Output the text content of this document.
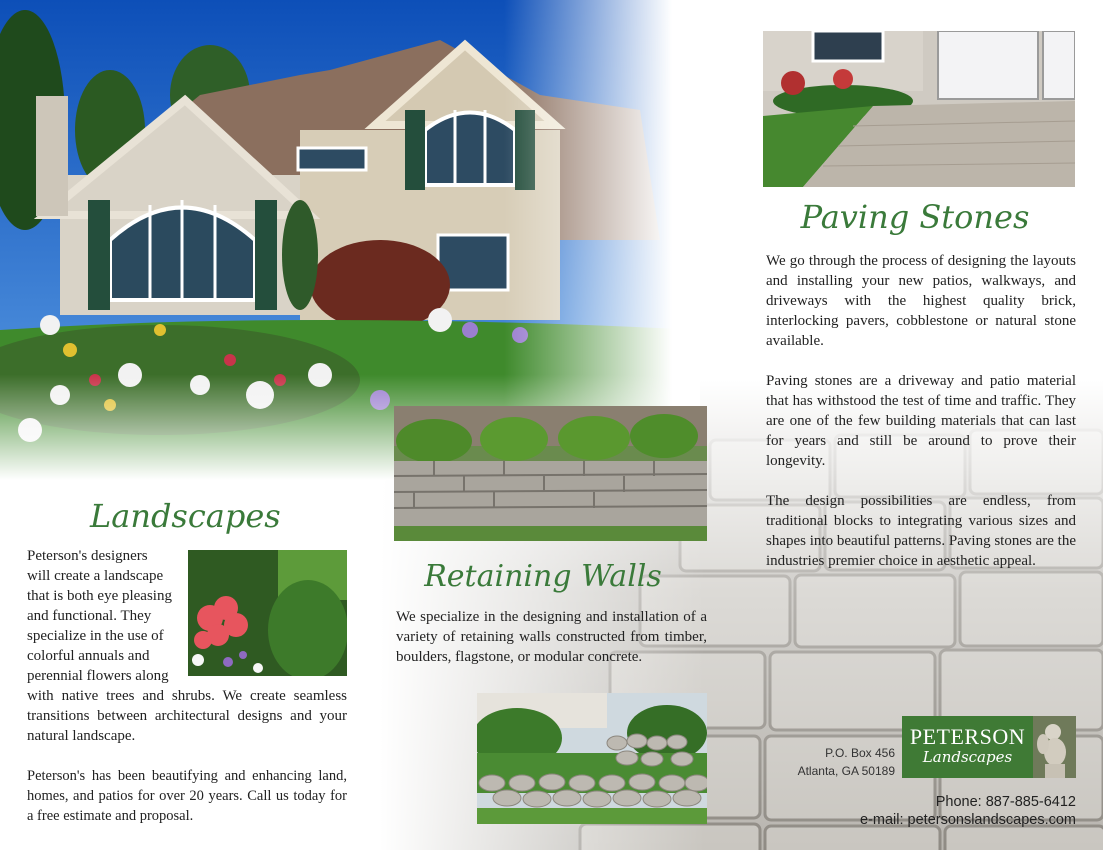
Paving Stones
Landscapes
Retaining Walls

We go through the process of designing the layouts and installing your new patios, walkways, and driveways with the highest quality brick, interlocking pavers, cobblestone or natural stone available.

Paving stones are a driveway and patio material that has withstood the test of time and traffic. They are one of the few building materials that can last for years and still be around to prove their longevity.

The design possibilities are endless, from traditional blocks to integrating various sizes and shapes into beautiful patterns. Paving stones are the industries premier choice in aesthetic appeal.

Peterson's designers
will create a landscape
that is both eye pleasing
and functional. They
specialize in the use of
colorful annuals and
perennial flowers along

with native trees and shrubs. We create seamless transitions between architectural designs and your natural landscape.

Peterson's has been beautifying and enhancing land, homes, and patios for over 20 years. Call us today for a free estimate and proposal.

We specialize in the designing and installation of a variety of retaining walls constructed from timber, boulders, flagstone, or modular concrete.

PETERSON
Landscapes
P.O. Box 456
Atlanta, GA 50189
Phone: 887-885-6412
e-mail: petersonslandscapes.com
